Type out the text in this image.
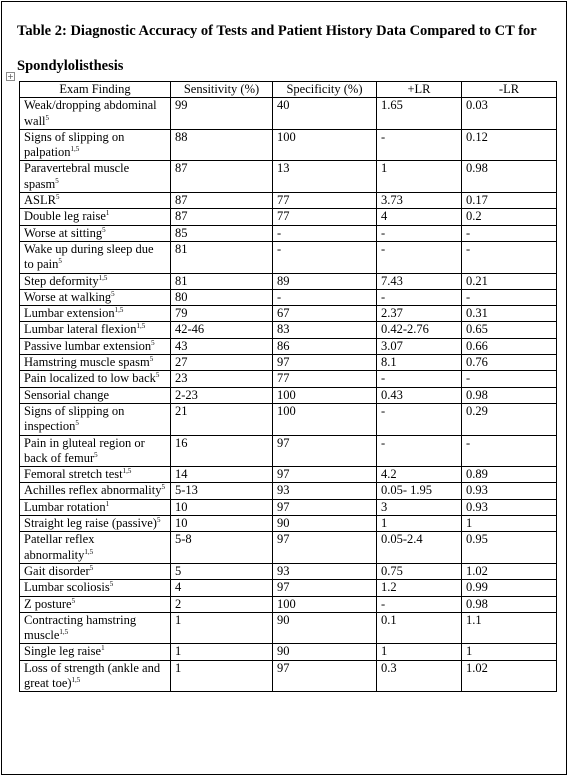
Table 2: Diagnostic Accuracy of Tests and Patient History Data Compared to CT for Spondylolisthesis
+
Exam Finding	Sensitivity (%)	Specificity (%)	+LR	-LR
Weak/dropping abdominal wall$^5$	99	40	1.65	0.03
Signs of slipping on palpation$^{1,5}$	88	100	-	0.12
Paravertebral muscle spasm$^5$	87	13	1	0.98
ASLR$^5$	87	77	3.73	0.17
Double leg raise$^1$	87	77	4	0.2
Worse at sitting$^5$	85	-	-	-
Wake up during sleep due to pain$^5$	81	-	-	-
Step deformity$^{1,5}$	81	89	7.43	0.21
Worse at walking$^5$	80	-	-	-
Lumbar extension$^{1,5}$	79	67	2.37	0.31
Lumbar lateral flexion$^{1,5}$	42-46	83	0.42-2.76	0.65
Passive lumbar extension$^5$	43	86	3.07	0.66
Hamstring muscle spasm$^5$	27	97	8.1	0.76
Pain localized to low back$^5$	23	77	-	-
Sensorial change	2-23	100	0.43	0.98
Signs of slipping on inspection$^5$	21	100	-	0.29
Pain in gluteal region or back of femur$^5$	16	97	-	-
Femoral stretch test$^{1,5}$	14	97	4.2	0.89
Achilles reflex abnormality$^5$	5-13	93	0.05- 1.95	0.93
Lumbar rotation$^1$	10	97	3	0.93
Straight leg raise (passive)$^5$	10	90	1	1
Patellar reflex abnormality$^{1,5}$	5-8	97	0.05-2.4	0.95
Gait disorder$^5$	5	93	0.75	1.02
Lumbar scoliosis$^5$	4	97	1.2	0.99
Z posture$^5$	2	100	-	0.98
Contracting hamstring muscle$^{1,5}$	1	90	0.1	1.1
Single leg raise$^1$	1	90	1	1
Loss of strength (ankle and great toe)$^{1,5}$	1	97	0.3	1.02
